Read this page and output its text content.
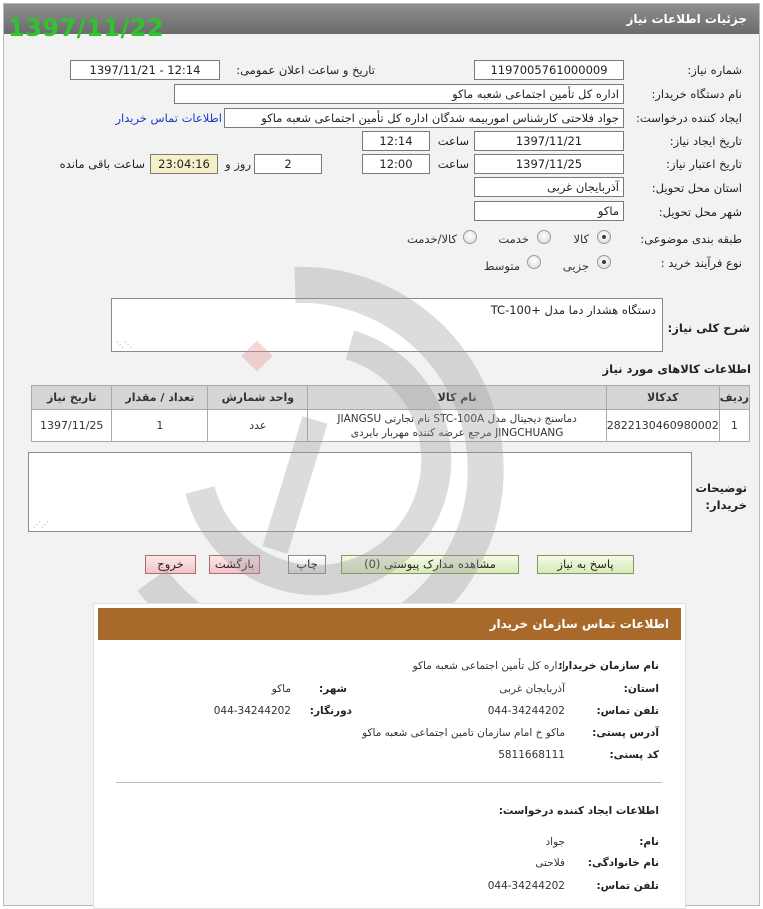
جزئیات اطلاعات نیاز
1397/11/22
شماره نیاز:
1197005761000009
تاریخ و ساعت اعلان عمومی:
1397/11/21 - 12:14
نام دستگاه خریدار:
اداره کل تأمین اجتماعی شعبه ماکو
ایجاد کننده درخواست:
جواد فلاحتی کارشناس اموربیمه شدگان اداره کل تأمین اجتماعی شعبه ماکو
اطلاعات تماس خریدار
تاریخ ایجاد نیاز:
1397/11/21
ساعت
12:14
تاریخ اعتبار نیاز:
1397/11/25
ساعت
12:00
2
روز و
23:04:16
ساعت باقی مانده
استان محل تحویل:
آذربایجان غربی
شهر محل تحویل:
ماکو
طبقه بندی موضوعی:
کالا
خدمت
کالا/خدمت
نوع فرآیند خرید :
جزیی
متوسط
شرح کلی نیاز:
دستگاه هشدار دما مدل +100-TC
⋰⋰
اطلاعات کالاهای مورد نیاز
ردیف	کدکالا	نام کالا	واحد شمارش	تعداد / مقدار	تاریخ نیاز
1	2822130460980002	دماسنج دیجیتال مدل STC-100A نام تجارتی JIANGSU
JINGCHUANG مرجع عرضه کننده مهربار بایردی	عدد	1	1397/11/25
توضیحات خریدار:
⋰⋰
پاسخ به نیاز
مشاهده مدارک پیوستی (0)
چاپ
بازگشت
خروج
اطلاعات تماس سازمان خریدار
نام سازمان خریدار:
اداره کل تأمین اجتماعی شعبه ماکو
استان:
آذربایجان غربی
شهر:
ماکو
تلفن تماس:
044-34244202
دورنگار:
044-34244202
آدرس پستی:
ماکو خ امام سازمان تامین اجتماعی شعبه ماکو
کد پستی:
5811668111
اطلاعات ایجاد کننده درخواست:
نام:
جواد
نام خانوادگی:
فلاحتی
تلفن تماس:
044-34244202
